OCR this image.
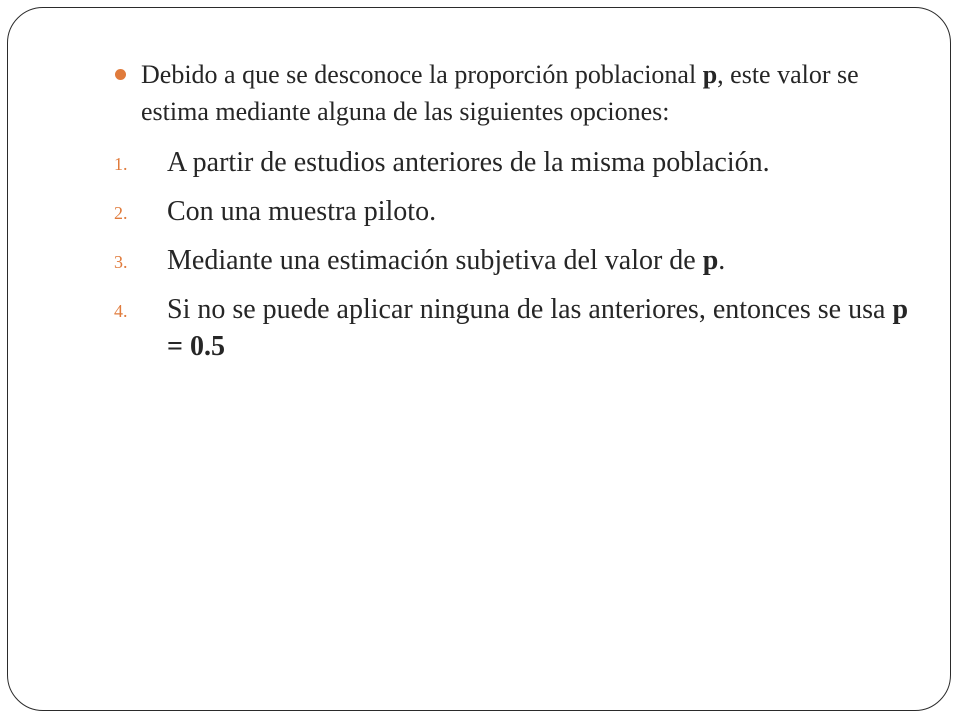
Debido a que se desconoce la proporción poblacional p, este valor se estima mediante alguna de las siguientes opciones:
1. A partir de estudios anteriores de la misma población.
2. Con una muestra piloto.
3. Mediante una estimación subjetiva del valor de p.
4. Si no se puede aplicar ninguna de las anteriores, entonces se usa p = 0.5
